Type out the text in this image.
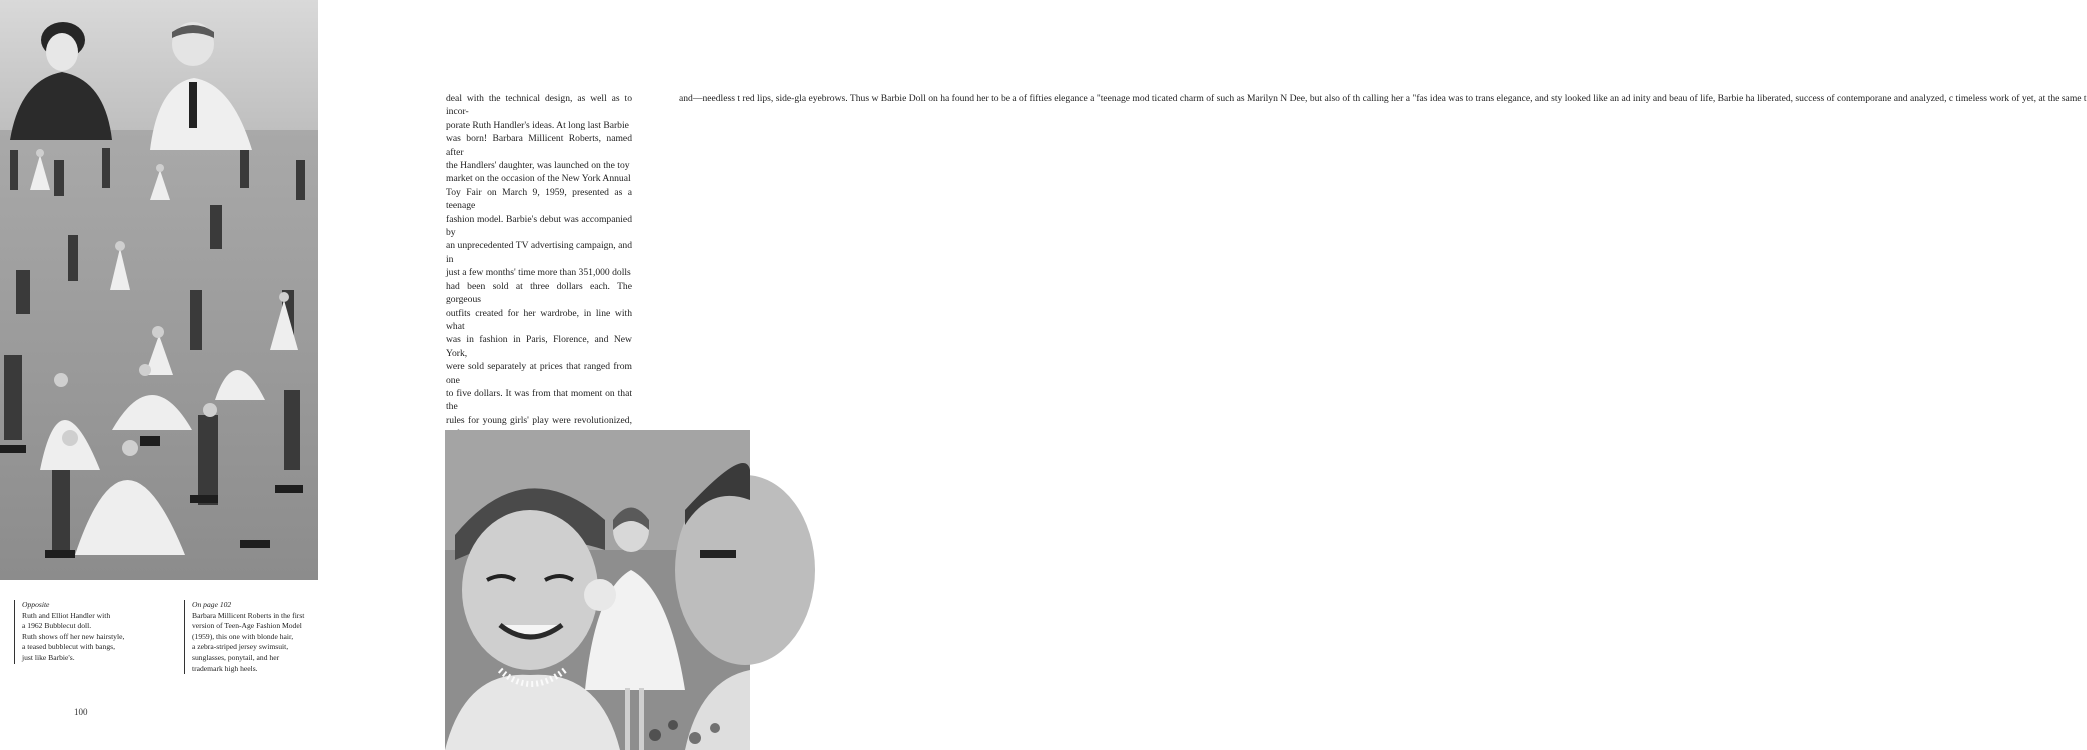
Opposite
Ruth and Elliot Handler with
a 1962 Bubblecut doll.
Ruth shows off her new hairstyle,
a teased bubblecut with bangs,
just like Barbie's.
On page 102
Barbara Millicent Roberts in the first
version of Teen-Age Fashion Model
(1959), this one with blonde hair,
a zebra-striped jersey swimsuit,
sunglasses, ponytail, and her
trademark high heels.
100

deal with the technical design, as well as to incor-
porate Ruth Handler's ideas. At long last Barbie
was born! Barbara Millicent Roberts, named after
the Handlers' daughter, was launched on the toy
market on the occasion of the New York Annual
Toy Fair on March 9, 1959, presented as a teenage
fashion model. Barbie's debut was accompanied by
an unprecedented TV advertising campaign, and in
just a few months' time more than 351,000 dolls
had been sold at three dollars each. The gorgeous
outfits created for her wardrobe, in line with what
was in fashion in Paris, Florence, and New York,
were sold separately at prices that ranged from one
to five dollars. It was from that moment on that the
rules for young girls' play were revolutionized,

and—needless t red lips, side-gla eyebrows. Thus w Barbie Doll on ha found her to be a of fifties elegance a "teenage mod ticated charm of such as Marilyn N Dee, but also of th calling her a "fas idea was to trans elegance, and sty looked like an ad inity and beau of life, Barbie ha liberated, success of contemporane and analyzed, c timeless work of yet, at the same t
